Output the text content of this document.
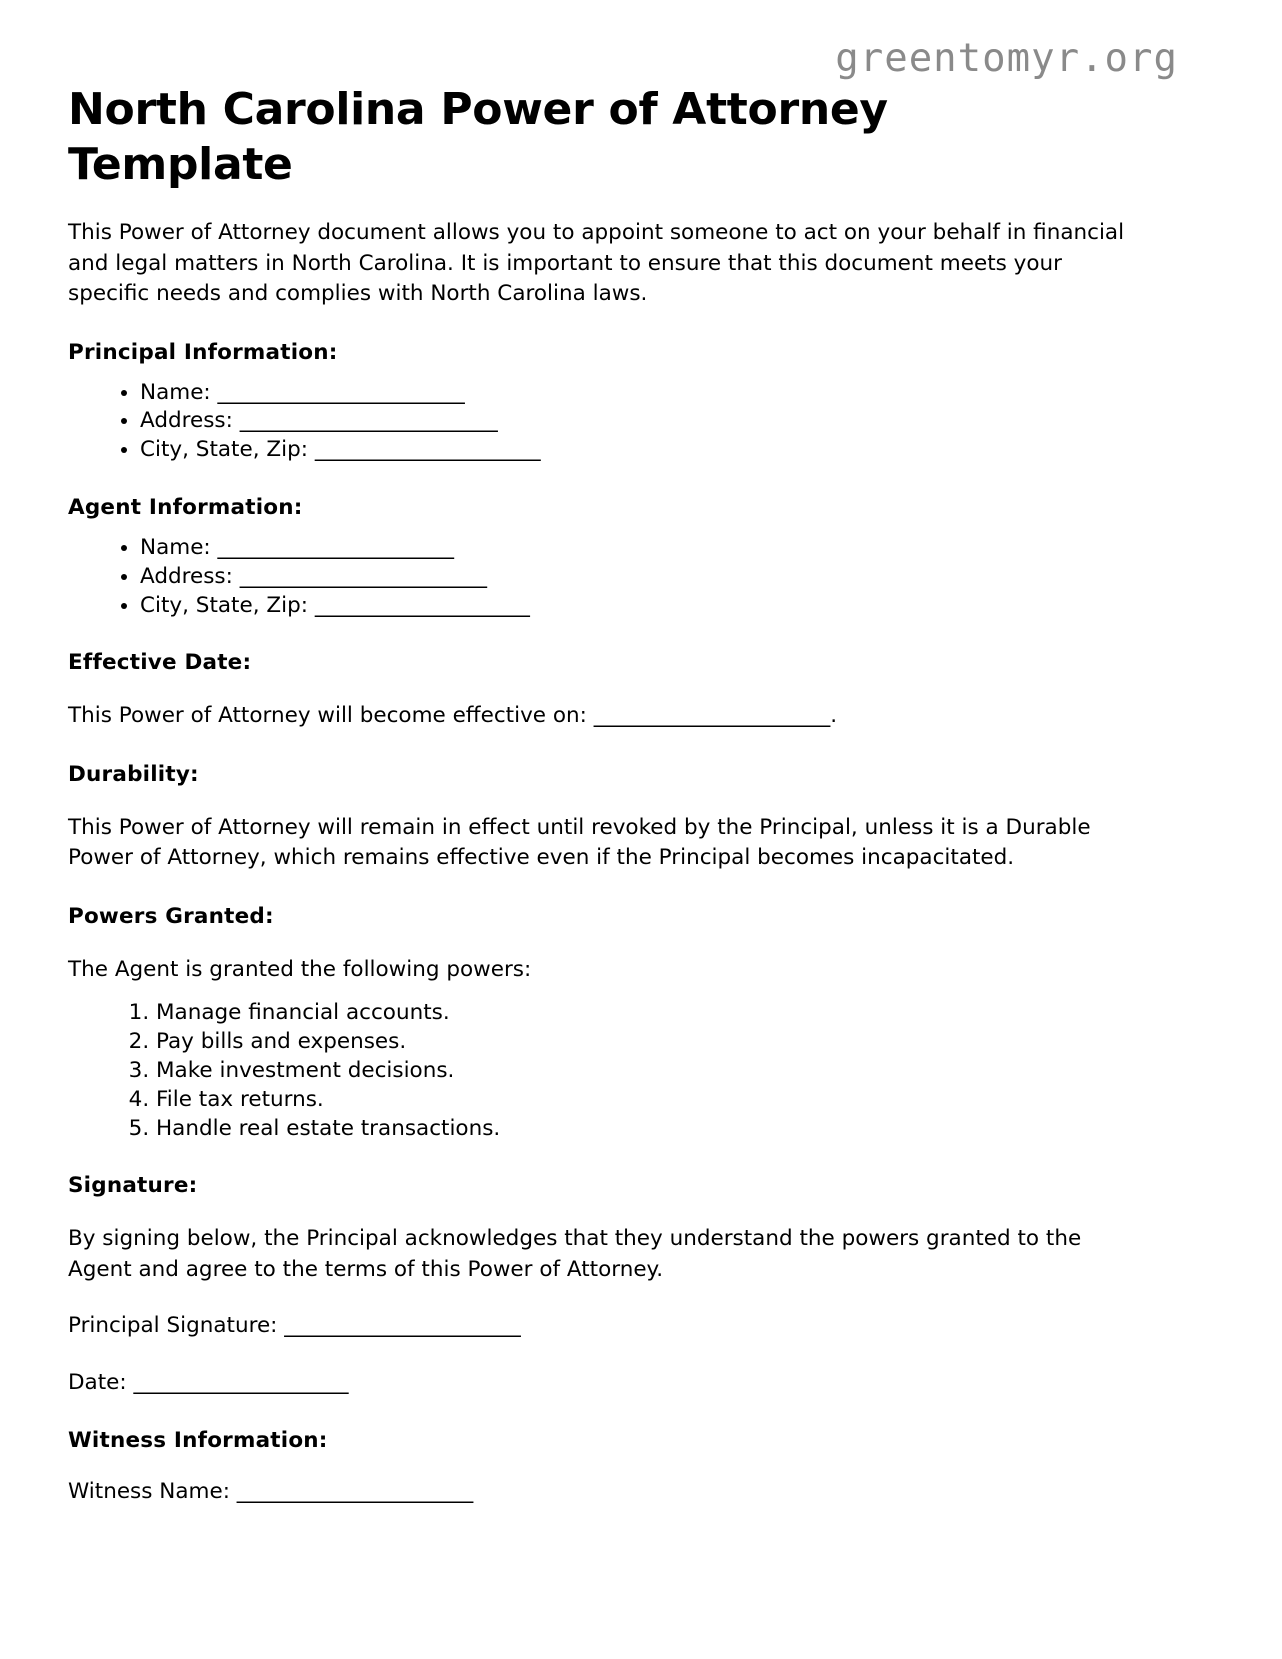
greentomyr.org
North Carolina Power of Attorney Template

This Power of Attorney document allows you to appoint someone to act on your behalf in financial and legal matters in North Carolina. It is important to ensure that this document meets your specific needs and complies with North Carolina laws.

Principal Information:
• Name: _______________________
• Address: ________________________
• City, State, Zip: _____________________
Agent Information:
• Name: ______________________
• Address: _______________________
• City, State, Zip: ____________________
Effective Date:

This Power of Attorney will become effective on: ______________________.

Durability:

This Power of Attorney will remain in effect until revoked by the Principal, unless it is a Durable Power of Attorney, which remains effective even if the Principal becomes incapacitated.

Powers Granted:

The Agent is granted the following powers:

1. Manage financial accounts.
2. Pay bills and expenses.
3. Make investment decisions.
4. File tax returns.
5. Handle real estate transactions.
Signature:

By signing below, the Principal acknowledges that they understand the powers granted to the Agent and agree to the terms of this Power of Attorney.

Principal Signature: ______________________

Date: ____________________

Witness Information:

Witness Name: ______________________
